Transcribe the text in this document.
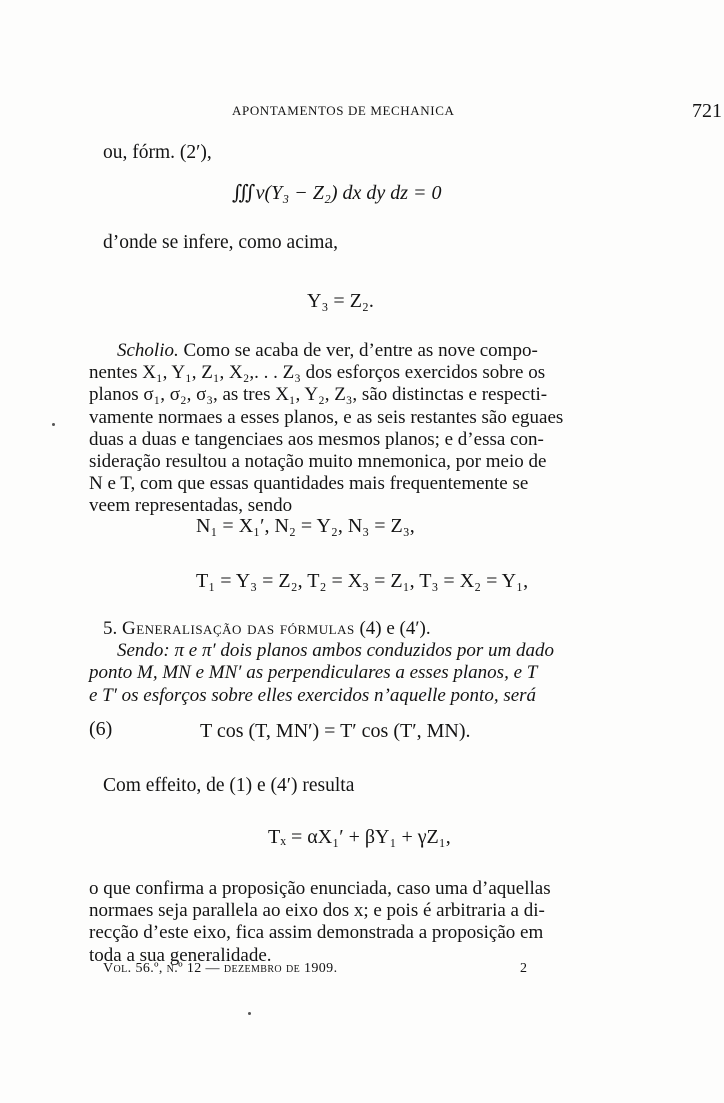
APONTAMENTOS DE MECHANICA	721
ou, fórm. (2′),
∭v(Y₃ − Z₂) dx dy dz = 0
d’onde se infere, como acima,
Y₃ = Z₂.
Scholio. Como se acaba de ver, d’entre as nove compo-
nentes X₁, Y₁, Z₁, X₂,. . . Z₃ dos esforços exercidos sobre os
planos σ₁, σ₂, σ₃, as tres X₁, Y₂, Z₃, são distinctas e respecti-
vamente normaes a esses planos, e as seis restantes são eguaes
duas a duas e tangenciaes aos mesmos planos; e d’essa con-
sideração resultou a notação muito mnemonica, por meio de
N e T, com que essas quantidades mais frequentemente se
veem representadas, sendo
N₁ = X₁′, N₂ = Y₂, N₃ = Z₃,
T₁ = Y₃ = Z₂, T₂ = X₃ = Z₁, T₃ = X₂ = Y₁,
5. Generalisação das fórmulas (4) e (4′).
Sendo: π e π′ dois planos ambos conduzidos por um dado
ponto M, MN e MN′ as perpendiculares a esses planos, e T
e T′ os esforços sobre elles exercidos n’aquelle ponto, será
(6)	T cos (T, MN′) = T′ cos (T′, MN).
Com effeito, de (1) e (4′) resulta
Tₓ = αX₁′ + βY₁ + γZ₁,
o que confirma a proposição enunciada, caso uma d’aquellas
normaes seja parallela ao eixo dos x; e pois é arbitraria a di-
recção d’este eixo, fica assim demonstrada a proposição em
toda a sua generalidade.
Vol. 56.º, n.º 12 — dezembro de 1909.	2
